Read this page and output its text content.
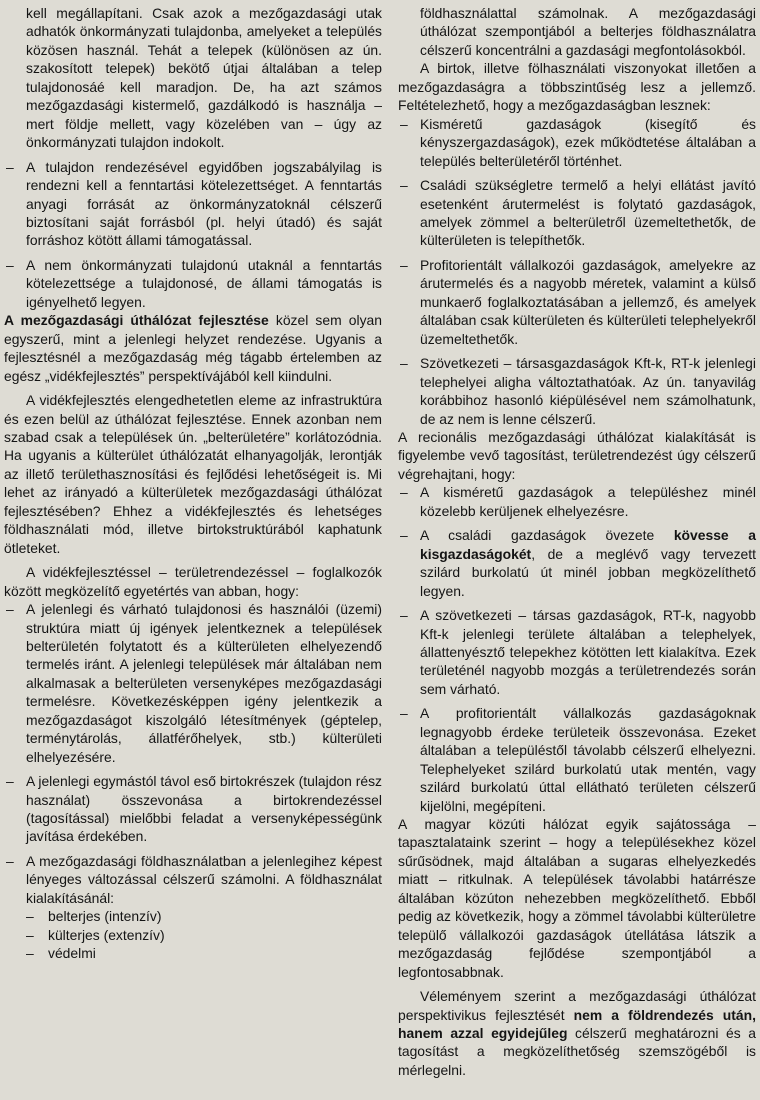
kell megállapítani. Csak azok a mezőgazdasági utak adhatók önkormányzati tulajdonba, amelyeket a település közösen használ. Tehát a telepek (különösen az ún. szakosított telepek) bekötő útjai általában a telep tulajdonosáé kell maradjon. De, ha azt számos mezőgazdasági kistermelő, gazdálkodó is használja – mert földje mellett, vagy közelében van – úgy az önkormányzati tulajdon indokolt.

– A tulajdon rendezésével egyidőben jogszabályilag is rendezni kell a fenntartási kötelezettséget. A fenntartás anyagi forrását az önkormányzatoknál célszerű biztosítani saját forrásból (pl. helyi útadó) és saját forráshoz kötött állami támogatással.
– A nem önkormányzati tulajdonú utaknál a fenntartás kötelezettsége a tulajdonosé, de állami támogatás is igényelhető legyen.

A mezőgazdasági úthálózat fejlesztése közel sem olyan egyszerű, mint a jelenlegi helyzet rendezése. Ugyanis a fejlesztésnél a mezőgazdaság még tágabb értelemben az egész „vidékfejlesztés” perspektívájából kell kiindulni.

A vidékfejlesztés elengedhetetlen eleme az infrastruktúra és ezen belül az úthálózat fejlesztése. Ennek azonban nem szabad csak a települések ún. „belterületére” korlátozódnia. Ha ugyanis a külterület úthálózatát elhanyagolják, lerontják az illető területhasznosítási és fejlődési lehetőségeit is. Mi lehet az irányadó a külterületek mezőgazdasági úthálózat fejlesztésében? Ehhez a vidékfejlesztés és lehetséges földhasználati mód, illetve birtokstruktúrából kaphatunk ötleteket.

A vidékfejlesztéssel – területrendezéssel – foglalkozók között megközelítő egyetértés van abban, hogy:

– A jelenlegi és várható tulajdonosi és használói (üzemi) struktúra miatt új igények jelentkeznek a települések belterületén folytatott és a külterületen elhelyezendő termelés iránt. A jelenlegi települések már általában nem alkalmasak a belterületen versenyképes mezőgazdasági termelésre. Következésképpen igény jelentkezik a mezőgazdaságot kiszolgáló létesítmények (géptelep, terménytárolás, állatférőhelyek, stb.) külterületi elhelyezésére.
– A jelenlegi egymástól távol eső birtokrészek (tulajdon rész használat) összevonása a birtokrendezéssel (tagosítással) mielőbbi feladat a versenyképességünk javítása érdekében.
– A mezőgazdasági földhasználatban a jelenlegihez képest lényeges változással célszerű számolni. A földhasználat kialakításánál:
– belterjes (intenzív)
– külterjes (extenzív)
– védelmi

földhasználattal számolnak. A mezőgazdasági úthálózat szempontjából a belterjes földhasználatra célszerű koncentrálni a gazdasági megfontolásokból.

A birtok, illetve fölhasználati viszonyokat illetően a mezőgazdaságra a többszintűség lesz a jellemző. Feltételezhető, hogy a mezőgazdaságban lesznek:

– Kisméretű gazdaságok (kisegítő és kényszergazdaságok), ezek működtetése általában a település belterületéről történhet.
– Családi szükségletre termelő a helyi ellátást javító esetenként árutermelést is folytató gazdaságok, amelyek zömmel a belterületről üzemeltethetők, de külterületen is telepíthetők.
– Profitorientált vállalkozói gazdaságok, amelyekre az árutermelés és a nagyobb méretek, valamint a külső munkaerő foglalkoztatásában a jellemző, és amelyek általában csak külterületen és külterületi telephelyekről üzemeltethetők.
– Szövetkezeti – társasgazdaságok Kft-k, RT-k jelenlegi telephelyei aligha változtathatóak. Az ún. tanyavilág korábbihoz hasonló kiépülésével nem számolhatunk, de az nem is lenne célszerű.

A recionális mezőgazdasági úthálózat kialakítását is figyelembe vevő tagosítást, területrendezést úgy célszerű végrehajtani, hogy:

– A kisméretű gazdaságok a településhez minél közelebb kerüljenek elhelyezésre.
– A családi gazdaságok övezete kövesse a kisgazdaságokét, de a meglévő vagy tervezett szilárd burkolatú út minél jobban megközelíthető legyen.
– A szövetkezeti – társas gazdaságok, RT-k, nagyobb Kft-k jelenlegi területe általában a telephelyek, állattenyésztő telepekhez kötötten lett kialakítva. Ezek területénél nagyobb mozgás a területrendezés során sem várható.
– A profitorientált vállalkozás gazdaságoknak legnagyobb érdeke területeik összevonása. Ezeket általában a településtől távolabb célszerű elhelyezni. Telephelyeket szilárd burkolatú utak mentén, vagy szilárd burkolatú úttal ellátható területen célszerű kijelölni, megépíteni.

A magyar közúti hálózat egyik sajátossága – tapasztalataink szerint – hogy a településekhez közel sűrűsödnek, majd általában a sugaras elhelyezkedés miatt – ritkulnak. A települések távolabbi határrésze általában közúton nehezebben megközelíthető. Ebből pedig az következik, hogy a zömmel távolabbi külterületre települő vállalkozói gazdaságok útellátása látszik a mezőgazdaság fejlődése szempontjából a legfontosabbnak.

Véleményem szerint a mezőgazdasági úthálózat perspektivikus fejlesztését nem a földrendezés után, hanem azzal egyidejűleg célszerű meghatározni és a tagosítást a megközelíthetőség szemszögéből is mérlegelni.
